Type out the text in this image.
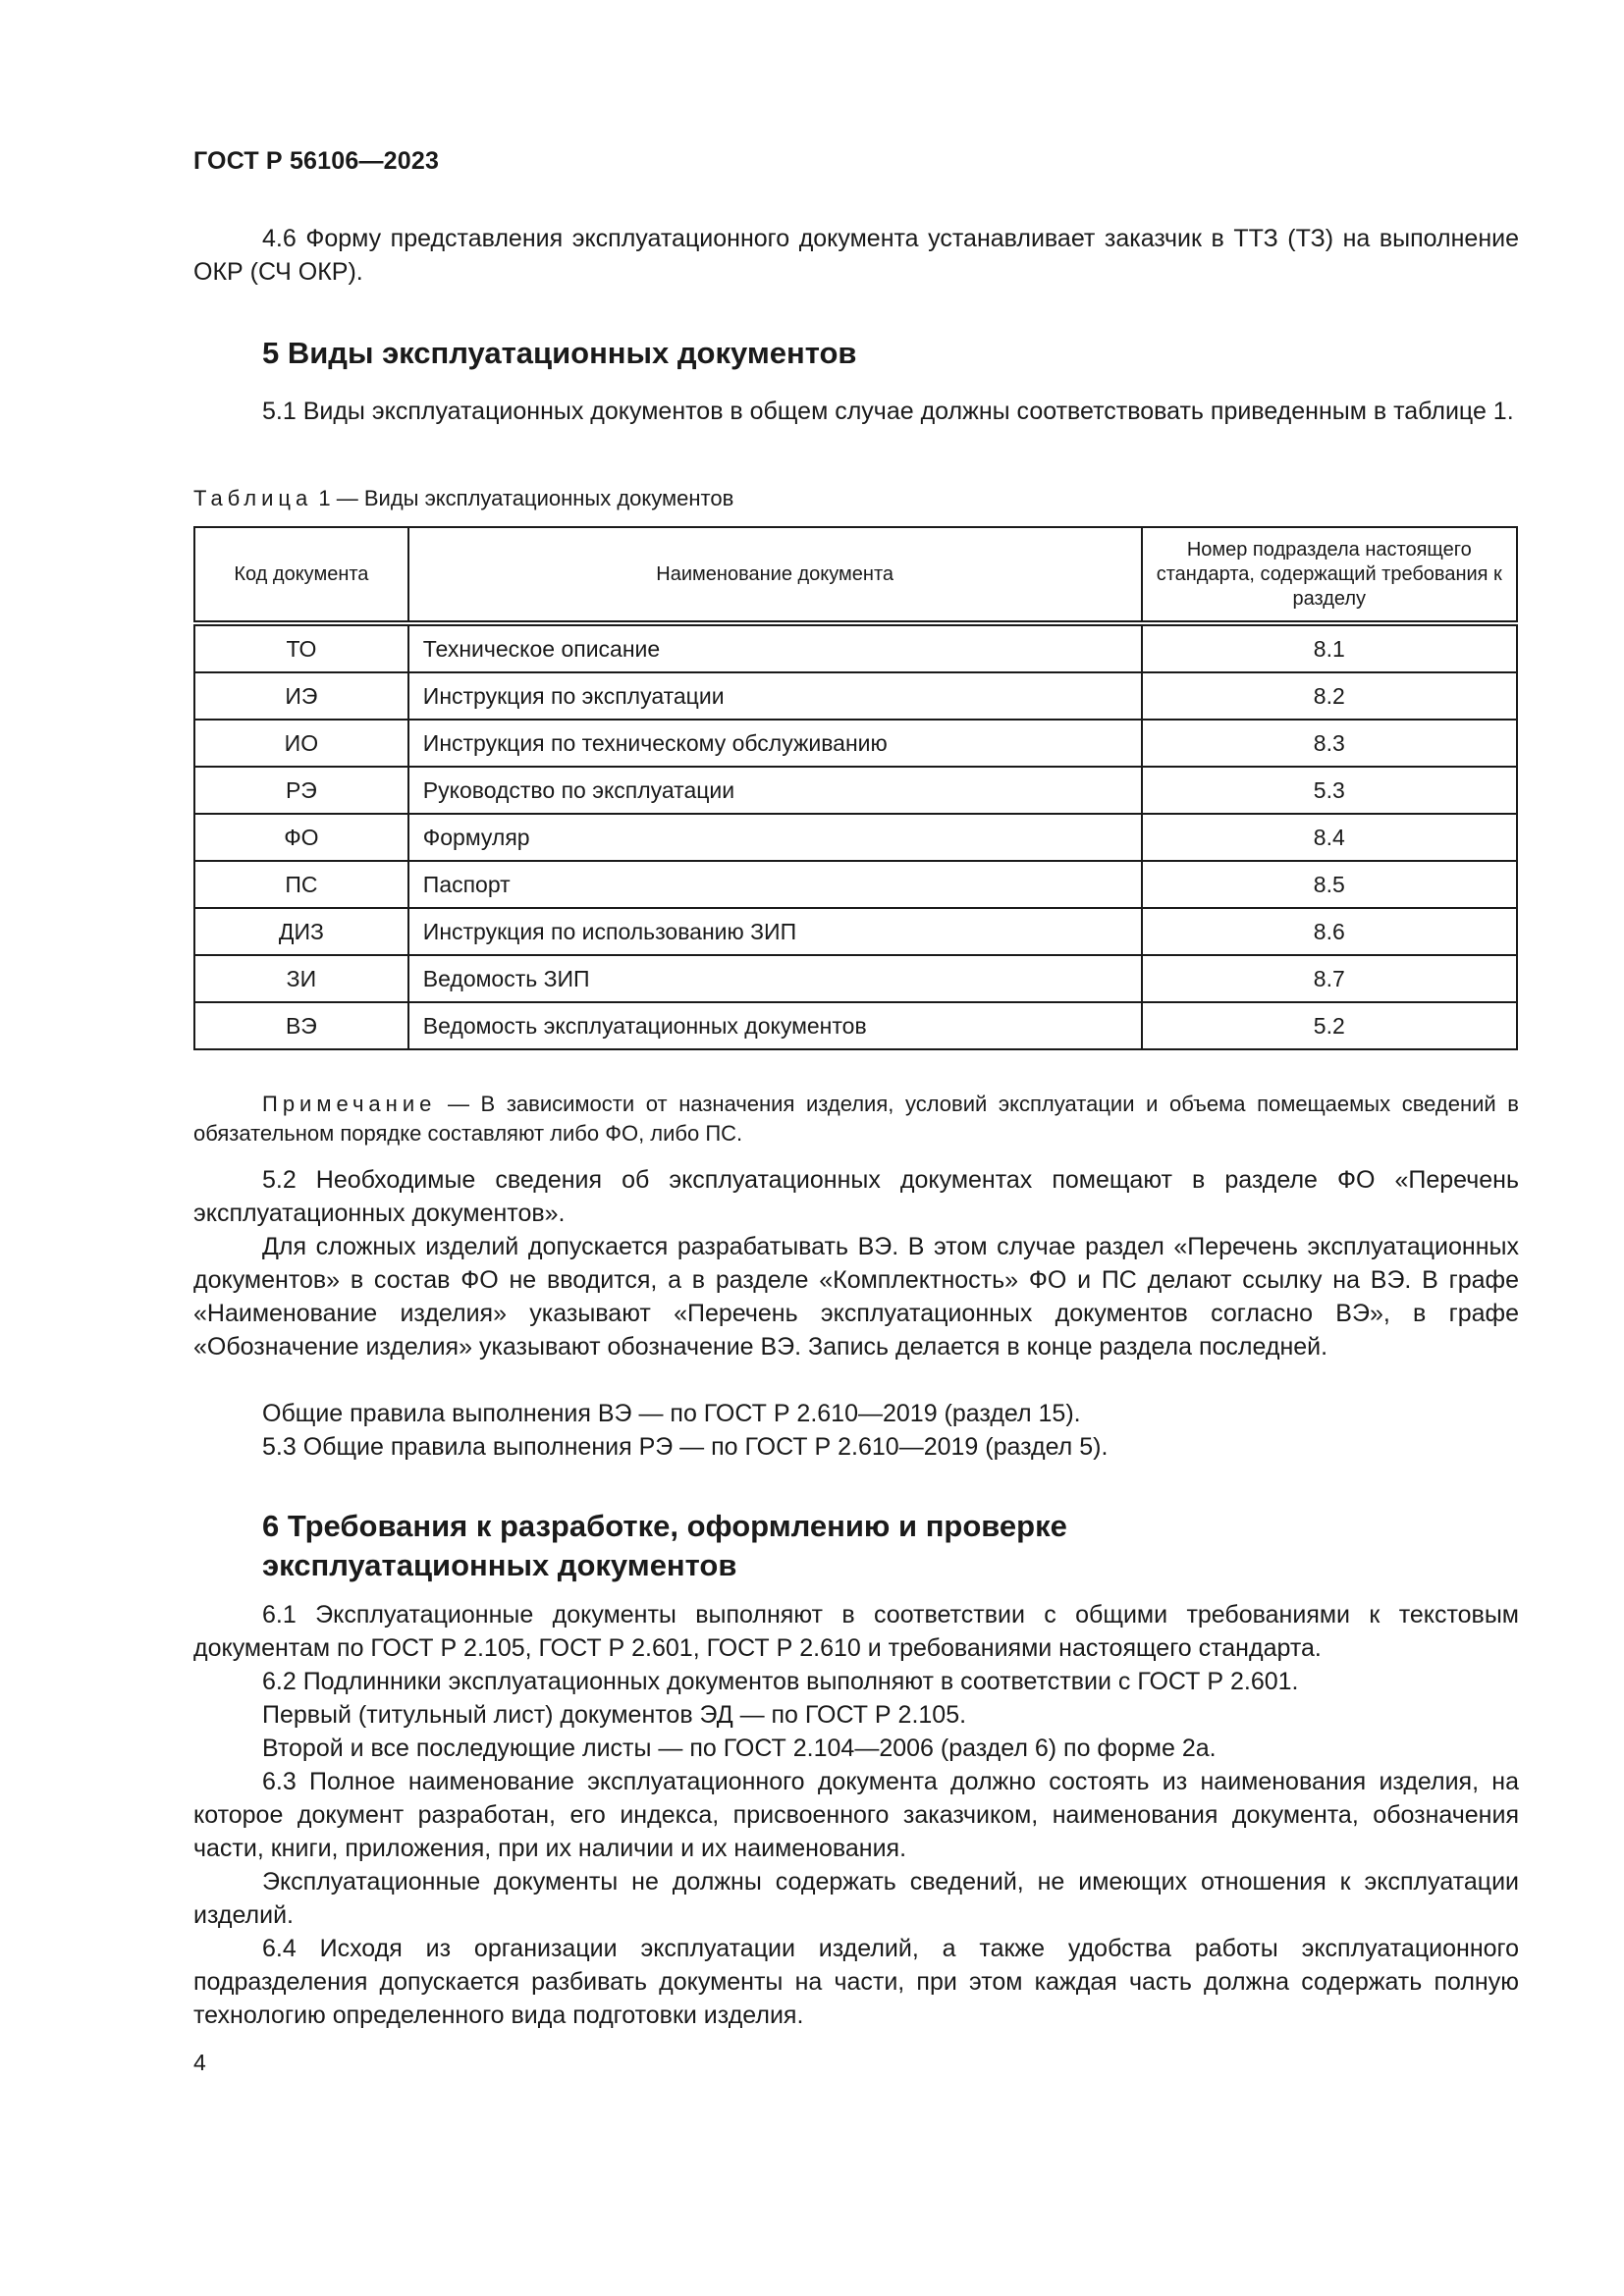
ГОСТ Р 56106—2023
4.6 Форму представления эксплуатационного документа устанавливает заказчик в ТТЗ (ТЗ) на выполнение ОКР (СЧ ОКР).
5 Виды эксплуатационных документов
5.1 Виды эксплуатационных документов в общем случае должны соответствовать приведенным в таблице 1.
Таблица 1 — Виды эксплуатационных документов
Код документа	Наименование документа	Номер подраздела настоящего стандарта, содержащий требования к разделу
ТО	Техническое описание	8.1
ИЭ	Инструкция по эксплуатации	8.2
ИО	Инструкция по техническому обслуживанию	8.3
РЭ	Руководство по эксплуатации	5.3
ФО	Формуляр	8.4
ПС	Паспорт	8.5
ДИЗ	Инструкция по использованию ЗИП	8.6
ЗИ	Ведомость ЗИП	8.7
ВЭ	Ведомость эксплуатационных документов	5.2
Примечание — В зависимости от назначения изделия, условий эксплуатации и объема помещаемых сведений в обязательном порядке составляют либо ФО, либо ПС.
5.2 Необходимые сведения об эксплуатационных документах помещают в разделе ФО «Перечень эксплуатационных документов».
Для сложных изделий допускается разрабатывать ВЭ. В этом случае раздел «Перечень эксплуатационных документов» в состав ФО не вводится, а в разделе «Комплектность» ФО и ПС делают ссылку на ВЭ. В графе «Наименование изделия» указывают «Перечень эксплуатационных документов согласно ВЭ», в графе «Обозначение изделия» указывают обозначение ВЭ. Запись делается в конце раздела последней.
Общие правила выполнения ВЭ — по ГОСТ Р 2.610—2019 (раздел 15).
5.3 Общие правила выполнения РЭ — по ГОСТ Р 2.610—2019 (раздел 5).
6 Требования к разработке, оформлению и проверке
эксплуатационных документов
6.1 Эксплуатационные документы выполняют в соответствии с общими требованиями к текстовым документам по ГОСТ Р 2.105, ГОСТ Р 2.601, ГОСТ Р 2.610 и требованиями настоящего стандарта.
6.2 Подлинники эксплуатационных документов выполняют в соответствии с ГОСТ Р 2.601.
Первый (титульный лист) документов ЭД — по ГОСТ Р 2.105.
Второй и все последующие листы — по ГОСТ 2.104—2006 (раздел 6) по форме 2а.
6.3 Полное наименование эксплуатационного документа должно состоять из наименования изделия, на которое документ разработан, его индекса, присвоенного заказчиком, наименования документа, обозначения части, книги, приложения, при их наличии и их наименования.
Эксплуатационные документы не должны содержать сведений, не имеющих отношения к эксплуатации изделий.
6.4 Исходя из организации эксплуатации изделий, а также удобства работы эксплуатационного подразделения допускается разбивать документы на части, при этом каждая часть должна содержать полную технологию определенного вида подготовки изделия.
4
